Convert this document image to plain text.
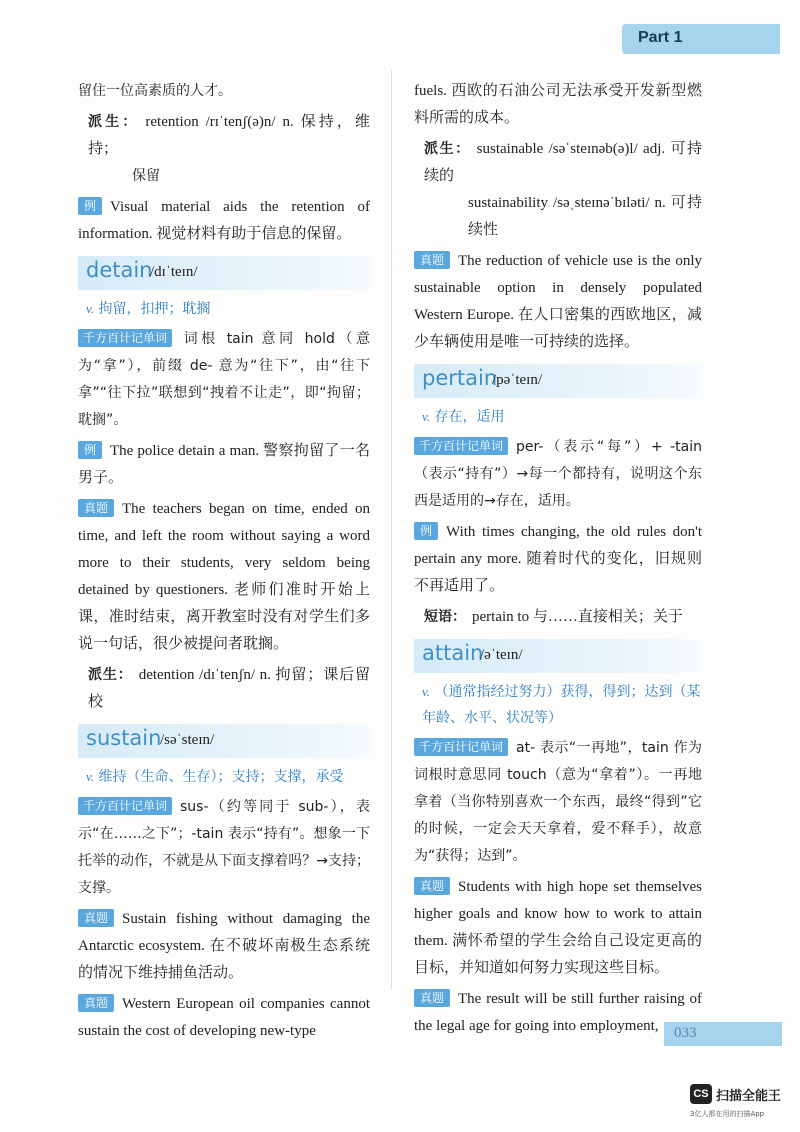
Part 1

留住一位高素质的人才。

派生： retention /rɪˈtenʃ(ə)n/ n. 保持，维持；

保留

例 Visual material aids the retention of information. 视觉材料有助于信息的保留。

detain
/dɪˈteɪn/
v. 拘留，扣押；耽搁

千方百计记单词 词根 tain 意同 hold（意为“拿”），前缀 de- 意为“往下”，由“往下拿”“往下拉”联想到“拽着不让走”，即“拘留；耽搁”。

例 The police detain a man. 警察拘留了一名男子。

真题 The teachers began on time, ended on time, and left the room without saying a word more to their students, very seldom being detained by questioners. 老师们准时开始上课，准时结束，离开教室时没有对学生们多说一句话，很少被提问者耽搁。

派生： detention /dɪˈtenʃn/ n. 拘留；课后留校

sustain
/səˈsteɪn/
v. 维持（生命、生存）；支持；支撑，承受

千方百计记单词 sus-（约等同于 sub-），表示“在……之下”；-tain 表示“持有”。想象一下托举的动作，不就是从下面支撑着吗？→支持；支撑。

真题 Sustain fishing without damaging the Antarctic ecosystem. 在不破坏南极生态系统的情况下维持捕鱼活动。

真题 Western European oil companies cannot sustain the cost of developing new-type

fuels. 西欧的石油公司无法承受开发新型燃料所需的成本。

派生： sustainable /səˈsteɪnəb(ə)l/ adj. 可持续的

sustainability /səˌsteɪnəˈbɪləti/ n. 可持续性

真题 The reduction of vehicle use is the only sustainable option in densely populated Western Europe. 在人口密集的西欧地区，减少车辆使用是唯一可持续的选择。

pertain
/pəˈteɪn/
v. 存在，适用

千方百计记单词 per-（表示“每”）+ -tain（表示“持有”）→每一个都持有，说明这个东西是适用的→存在，适用。

例 With times changing, the old rules don't pertain any more. 随着时代的变化，旧规则不再适用了。

短语： pertain to 与……直接相关；关于

attain
/əˈteɪn/
v. （通常指经过努力）获得，得到；达到（某年龄、水平、状况等）

千方百计记单词 at- 表示“一再地”，tain 作为词根时意思同 touch（意为“拿着”）。一再地拿着（当你特别喜欢一个东西，最终“得到”它的时候，一定会天天拿着，爱不释手），故意为“获得；达到”。

真题 Students with high hope set themselves higher goals and know how to work to attain them. 满怀希望的学生会给自己设定更高的目标，并知道如何努力实现这些目标。

真题 The result will be still further raising of the legal age for going into employment,	033
CS 扫描全能王
3亿人都在用的扫描App
